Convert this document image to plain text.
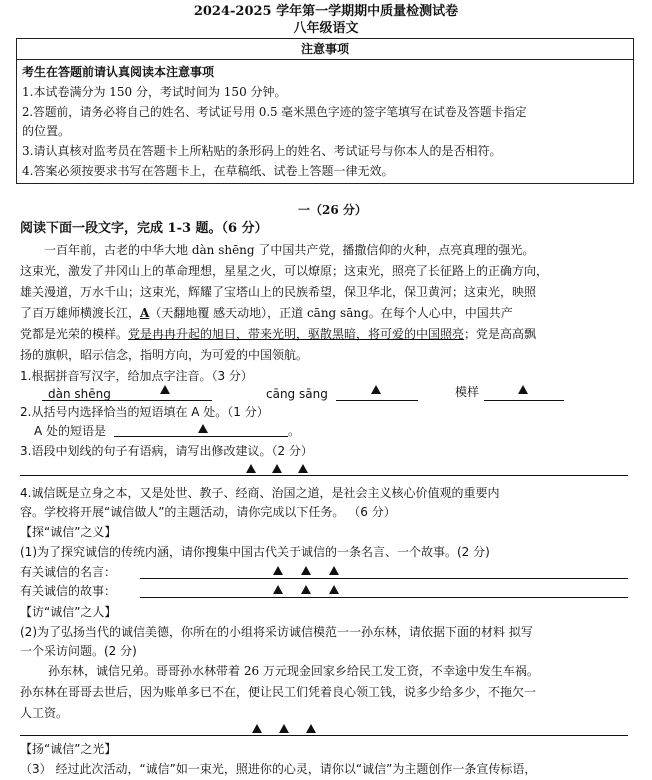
2024-2025 学年第一学期期中质量检测试卷
八年级语文
注意事项
考生在答题前请认真阅读本注意事项
1.本试卷满分为 150 分，考试时间为 150 分钟。
2.答题前，请务必将自己的姓名、考试证号用 0.5 毫米黑色字迹的签字笔填写在试卷及答题卡指定
的位置。
3.请认真核对监考员在答题卡上所粘贴的条形码上的姓名、考试证号与你本人的是否相符。
4.答案必须按要求书写在答题卡上，在草稿纸、试卷上答题一律无效。
一（26 分）
阅读下面一段文字，完成 1-3 题。（6 分）
一百年前，古老的中华大地 dàn shēng 了中国共产党，播撒信仰的火种，点亮真理的强光。
这束光，激发了井冈山上的革命理想，星星之火，可以燎原；这束光，照亮了长征路上的正确方向，
雄关漫道，万水千山；这束光，辉耀了宝塔山上的民族希望，保卫华北，保卫黄河；这束光，映照
了百万雄师横渡长江，A（天翻地覆 感天动地），正道 cāng sāng。在每个人心中，中国共产
党都是光荣的模样。党是冉冉升起的旭日，带来光明，驱散黑暗，将可爱的中国照亮；党是高高飘
扬的旗帜，昭示信念，指明方向，为可爱的中国领航。
1.根据拼音写汉字，给加点字注音。（3 分）
dàn shēng	cāng sāng	模样
2.从括号内选择恰当的短语填在 A 处。（1 分）
A 处的短语是	。
3.语段中划线的句子有语病，请写出修改建议。（2 分）
4.诚信既是立身之本，又是处世、教子、经商、治国之道，是社会主义核心价值观的重要内
容。学校将开展“诚信做人”的主题活动，请你完成以下任务。 （6 分）
【探“诚信”之义】
(1)为了探究诚信的传统内涵，请你搜集中国古代关于诚信的一条名言、一个故事。(2 分)
有关诚信的名言：
有关诚信的故事：
【访“诚信”之人】
(2)为了弘扬当代的诚信美德，你所在的小组将采访诚信模范一一孙东林，请依据下面的材料 拟写
一个采访问题。(2 分)
孙东林，诚信兄弟。哥哥孙水林带着 26 万元现金回家乡给民工发工资，不幸途中发生车祸。
孙东林在哥哥去世后，因为账单多已不在，便让民工们凭着良心领工钱，说多少给多少，不拖欠一
人工资。
【扬“诚信”之光】
（3） 经过此次活动，“诚信”如一束光，照进你的心灵，请你以“诚信”为主题创作一条宣传标语，
